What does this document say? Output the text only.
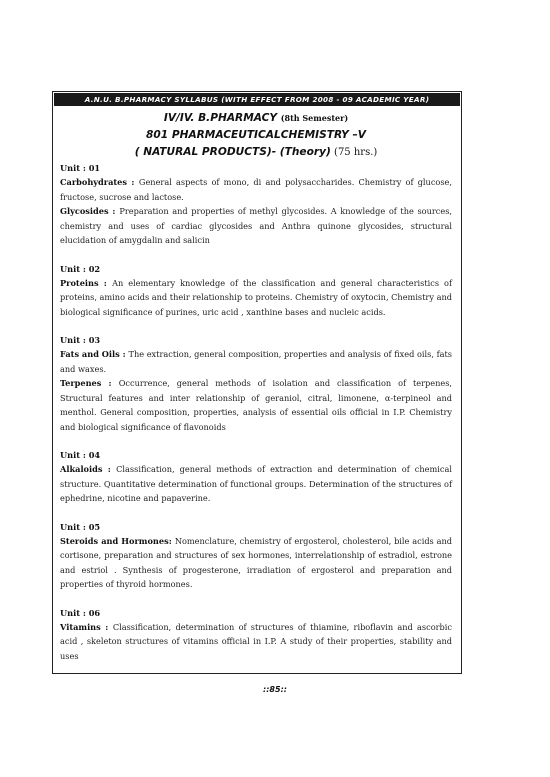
A.N.U. B.PHARMACY SYLLABUS (WITH EFFECT FROM 2008 - 09 ACADEMIC YEAR)
IV/IV. B.PHARMACY (8th Semester)
801 PHARMACEUTICALCHEMISTRY –V
( NATURAL PRODUCTS)- (Theory) (75 hrs.)
Unit : 01
Carbohydrates : General aspects of mono, di and polysaccharides. Chemistry of glucose, fructose, sucrose and lactose.
Glycosides : Preparation and properties of methyl glycosides. A knowledge of the sources, chemistry and uses of cardiac glycosides and Anthra quinone glycosides, structural elucidation of amygdalin and salicin
Unit : 02
Proteins : An elementary knowledge of the classification and general characteristics of proteins, amino acids and their relationship to proteins. Chemistry of oxytocin, Chemistry and biological significance of purines, uric acid , xanthine bases and nucleic acids.
Unit : 03
Fats and Oils : The extraction, general composition, properties and analysis of fixed oils, fats and waxes.
Terpenes : Occurrence, general methods of isolation and classification of terpenes, Structural features and inter relationship of geraniol, citral, limonene, α-terpineol and menthol. General composition, properties, analysis of essential oils official in I.P. Chemistry and biological significance of flavonoids
Unit : 04
Alkaloids : Classification, general methods of extraction and determination of chemical structure. Quantitative determination of functional groups. Determination of the structures of ephedrine, nicotine and papaverine.
Unit : 05
Steroids and Hormones: Nomenclature, chemistry of ergosterol, cholesterol, bile acids and cortisone, preparation and structures of sex hormones, interrelationship of estradiol, estrone and estriol . Synthesis of progesterone, irradiation of ergosterol and preparation and properties of thyroid hormones.
Unit : 06
Vitamins : Classification, determination of structures of thiamine, riboflavin and ascorbic acid , skeleton structures of vitamins official in I.P. A study of their properties, stability and uses
::85::
